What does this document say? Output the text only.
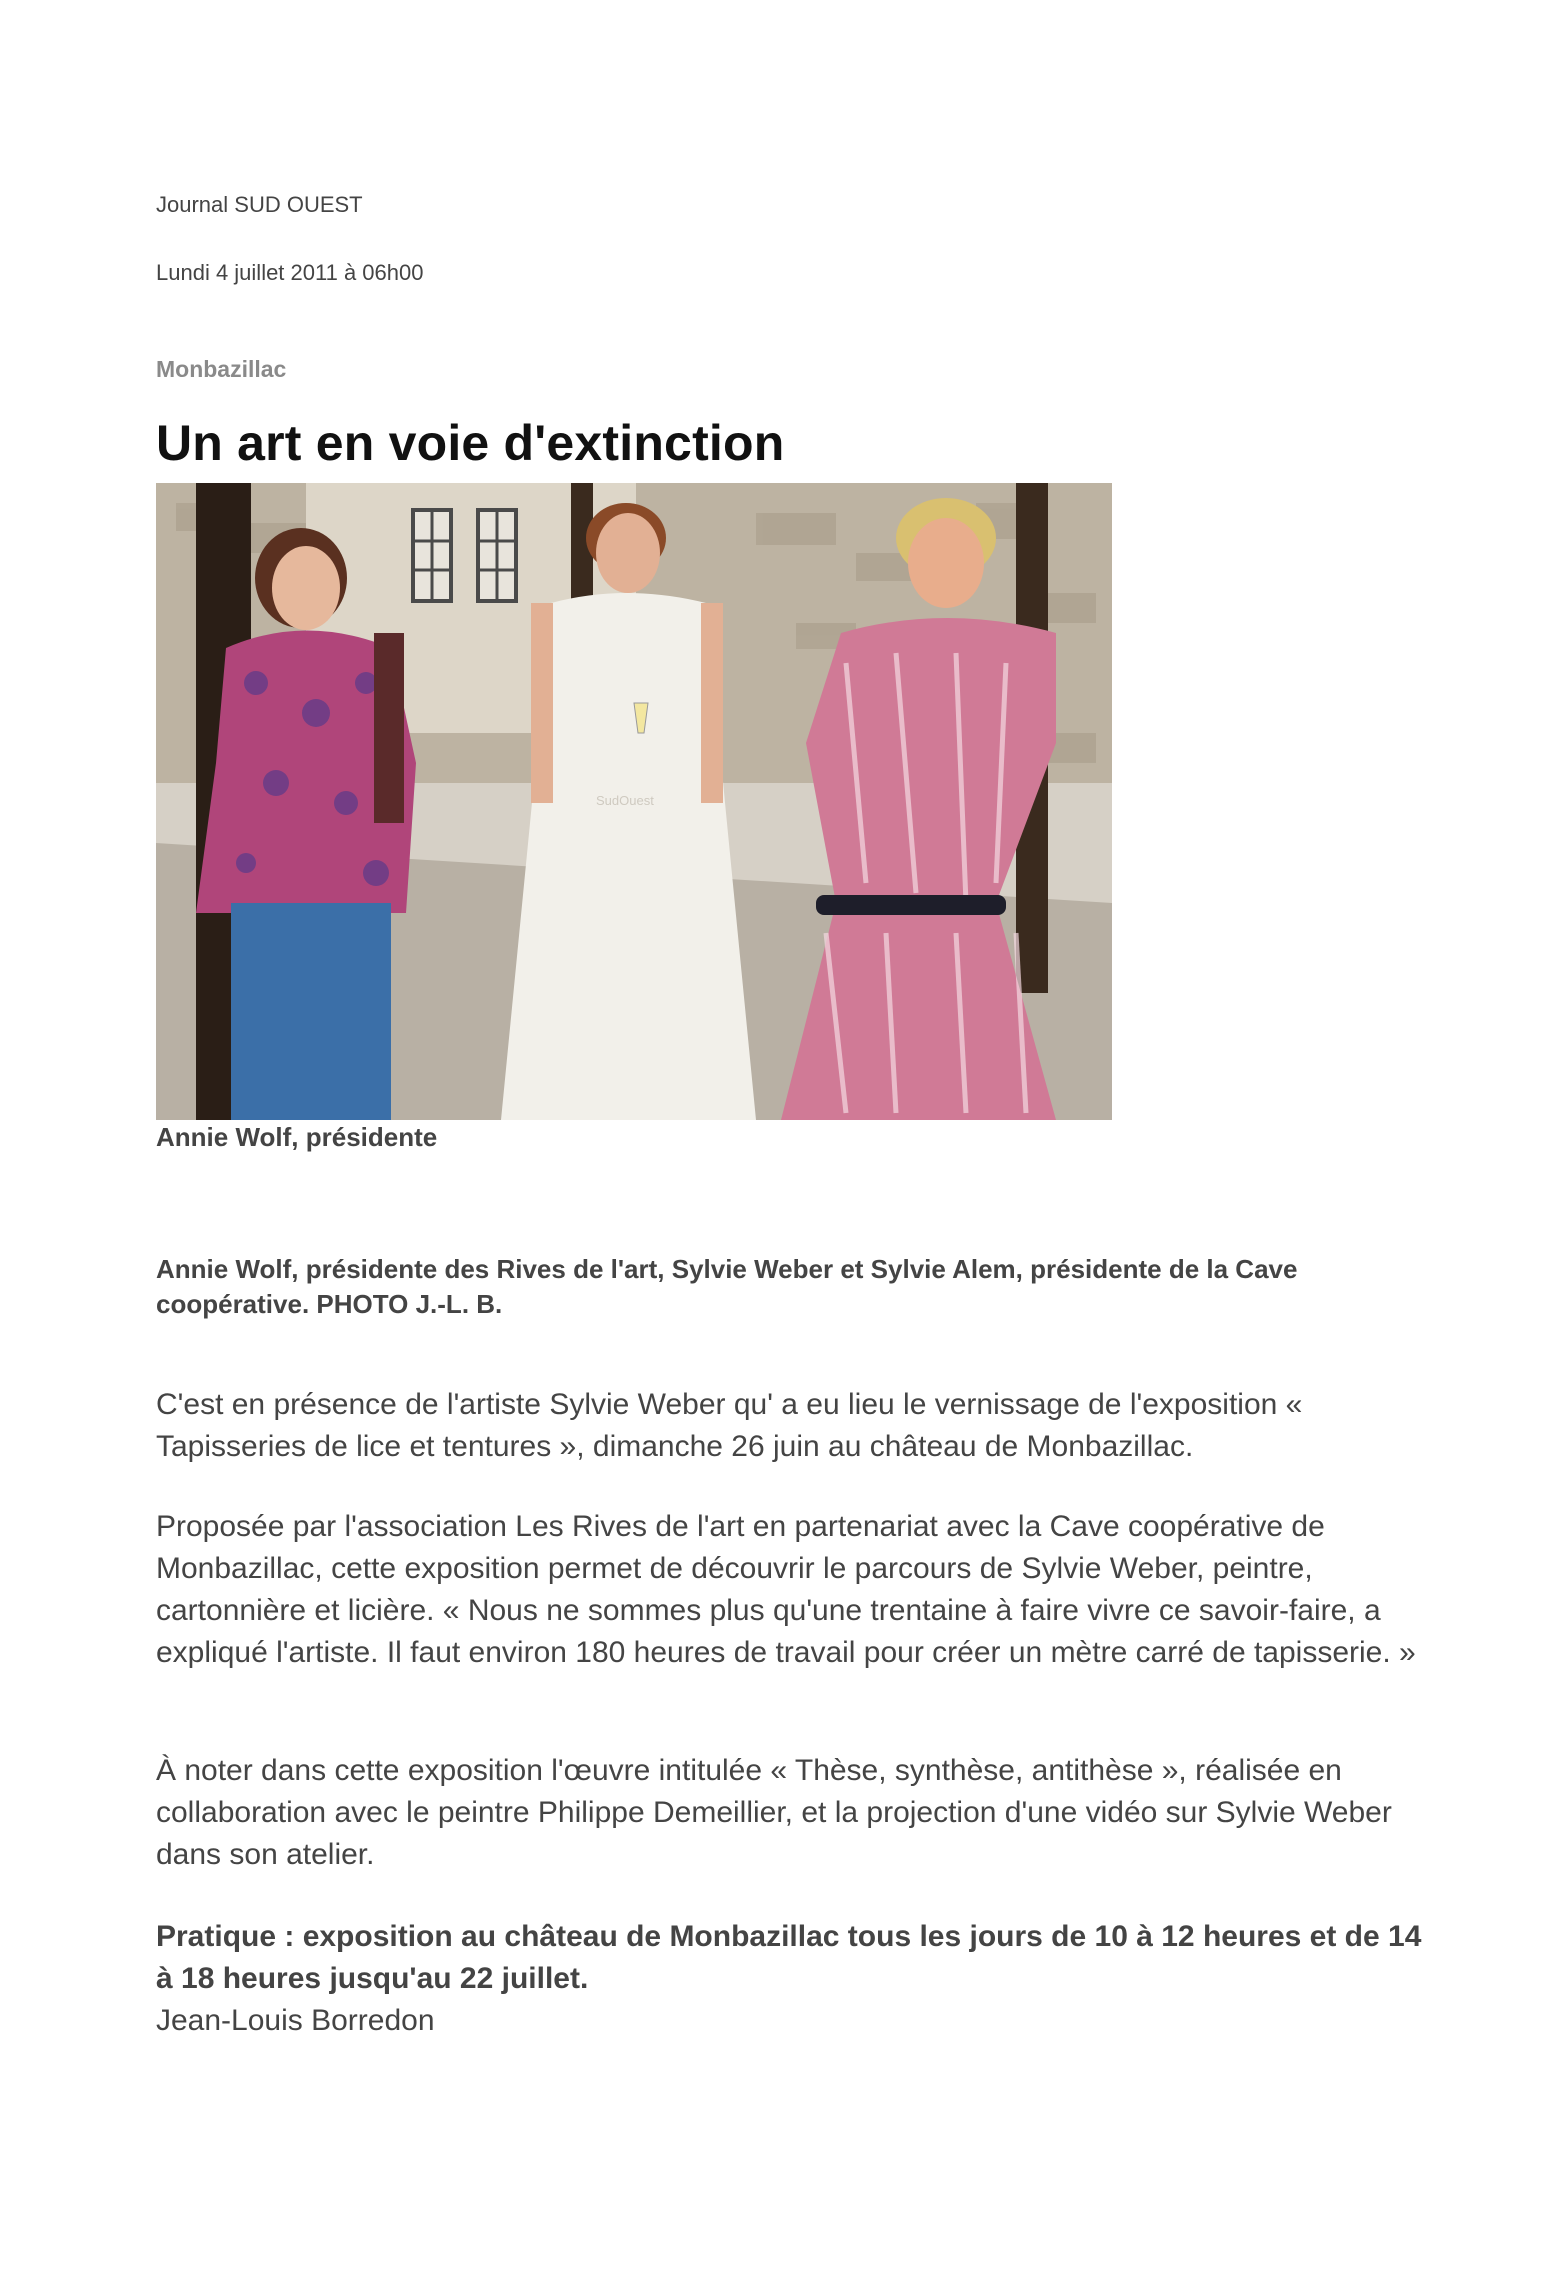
Journal SUD OUEST
Lundi 4 juillet 2011 à 06h00
Monbazillac
Un art en voie d'extinction
SudOuest
Annie Wolf, présidente
Annie Wolf, présidente des Rives de l'art, Sylvie Weber et Sylvie Alem, présidente de la Cave coopérative. PHOTO J.-L. B.

C'est en présence de l'artiste Sylvie Weber qu' a eu lieu le vernissage de l'exposition « Tapisseries de lice et tentures », dimanche 26 juin au château de Monbazillac.

Proposée par l'association Les Rives de l'art en partenariat avec la Cave coopérative de Monbazillac, cette exposition permet de découvrir le parcours de Sylvie Weber, peintre, cartonnière et licière. « Nous ne sommes plus qu'une trentaine à faire vivre ce savoir-faire, a expliqué l'artiste. Il faut environ 180 heures de travail pour créer un mètre carré de tapisserie. »

À noter dans cette exposition l'œuvre intitulée « Thèse, synthèse, antithèse », réalisée en collaboration avec le peintre Philippe Demeillier, et la projection d'une vidéo sur Sylvie Weber dans son atelier.

Pratique : exposition au château de Monbazillac tous les jours de 10 à 12 heures et de 14 à 18 heures jusqu'au 22 juillet.

Jean-Louis Borredon
